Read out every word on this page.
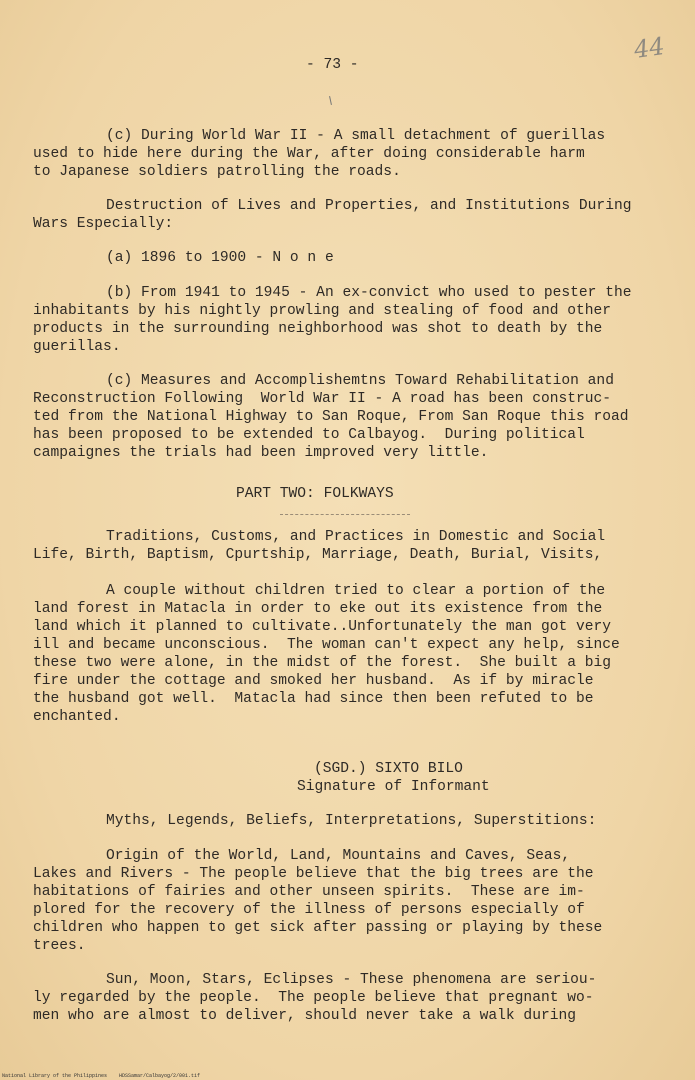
- 73 -
44
(c) During World War II - A small detachment of guerillas
used to hide here during the War, after doing considerable harm
to Japanese soldiers patrolling the roads.
Destruction of Lives and Properties, and Institutions During
Wars Especially:
(a) 1896 to 1900 - N o n e
(b) From 1941 to 1945 - An ex-convict who used to pester the
inhabitants by his nightly prowling and stealing of food and other
products in the surrounding neighborhood was shot to death by the
guerillas.
(c) Measures and Accomplishemtns Toward Rehabilitation and
Reconstruction Following  World War II - A road has been construc-
ted from the National Highway to San Roque, From San Roque this road
has been proposed to be extended to Calbayog.  During political
campaignes the trials had been improved very little.
PART TWO: FOLKWAYS
Traditions, Customs, and Practices in Domestic and Social
Life, Birth, Baptism, Cpurtship, Marriage, Death, Burial, Visits,
A couple without children tried to clear a portion of the
land forest in Matacla in order to eke out its existence from the
land which it planned to cultivate..Unfortunately the man got very
ill and became unconscious.  The woman can't expect any help, since
these two were alone, in the midst of the forest.  She built a big
fire under the cottage and smoked her husband.  As if by miracle
the husband got well.  Matacla had since then been refuted to be
enchanted.
(SGD.) SIXTO BILO
Signature of Informant
Myths, Legends, Beliefs, Interpretations, Superstitions:
Origin of the World, Land, Mountains and Caves, Seas,
Lakes and Rivers - The people believe that the big trees are the
habitations of fairies and other unseen spirits.  These are im-
plored for the recovery of the illness of persons especially of
children who happen to get sick after passing or playing by these
trees.
Sun, Moon, Stars, Eclipses - These phenomena are seriou-
ly regarded by the people.  The people believe that pregnant wo-
men who are almost to deliver, should never take a walk during
National Library of the Philippines    HDSSamar/Calbayog/2/001.tif
